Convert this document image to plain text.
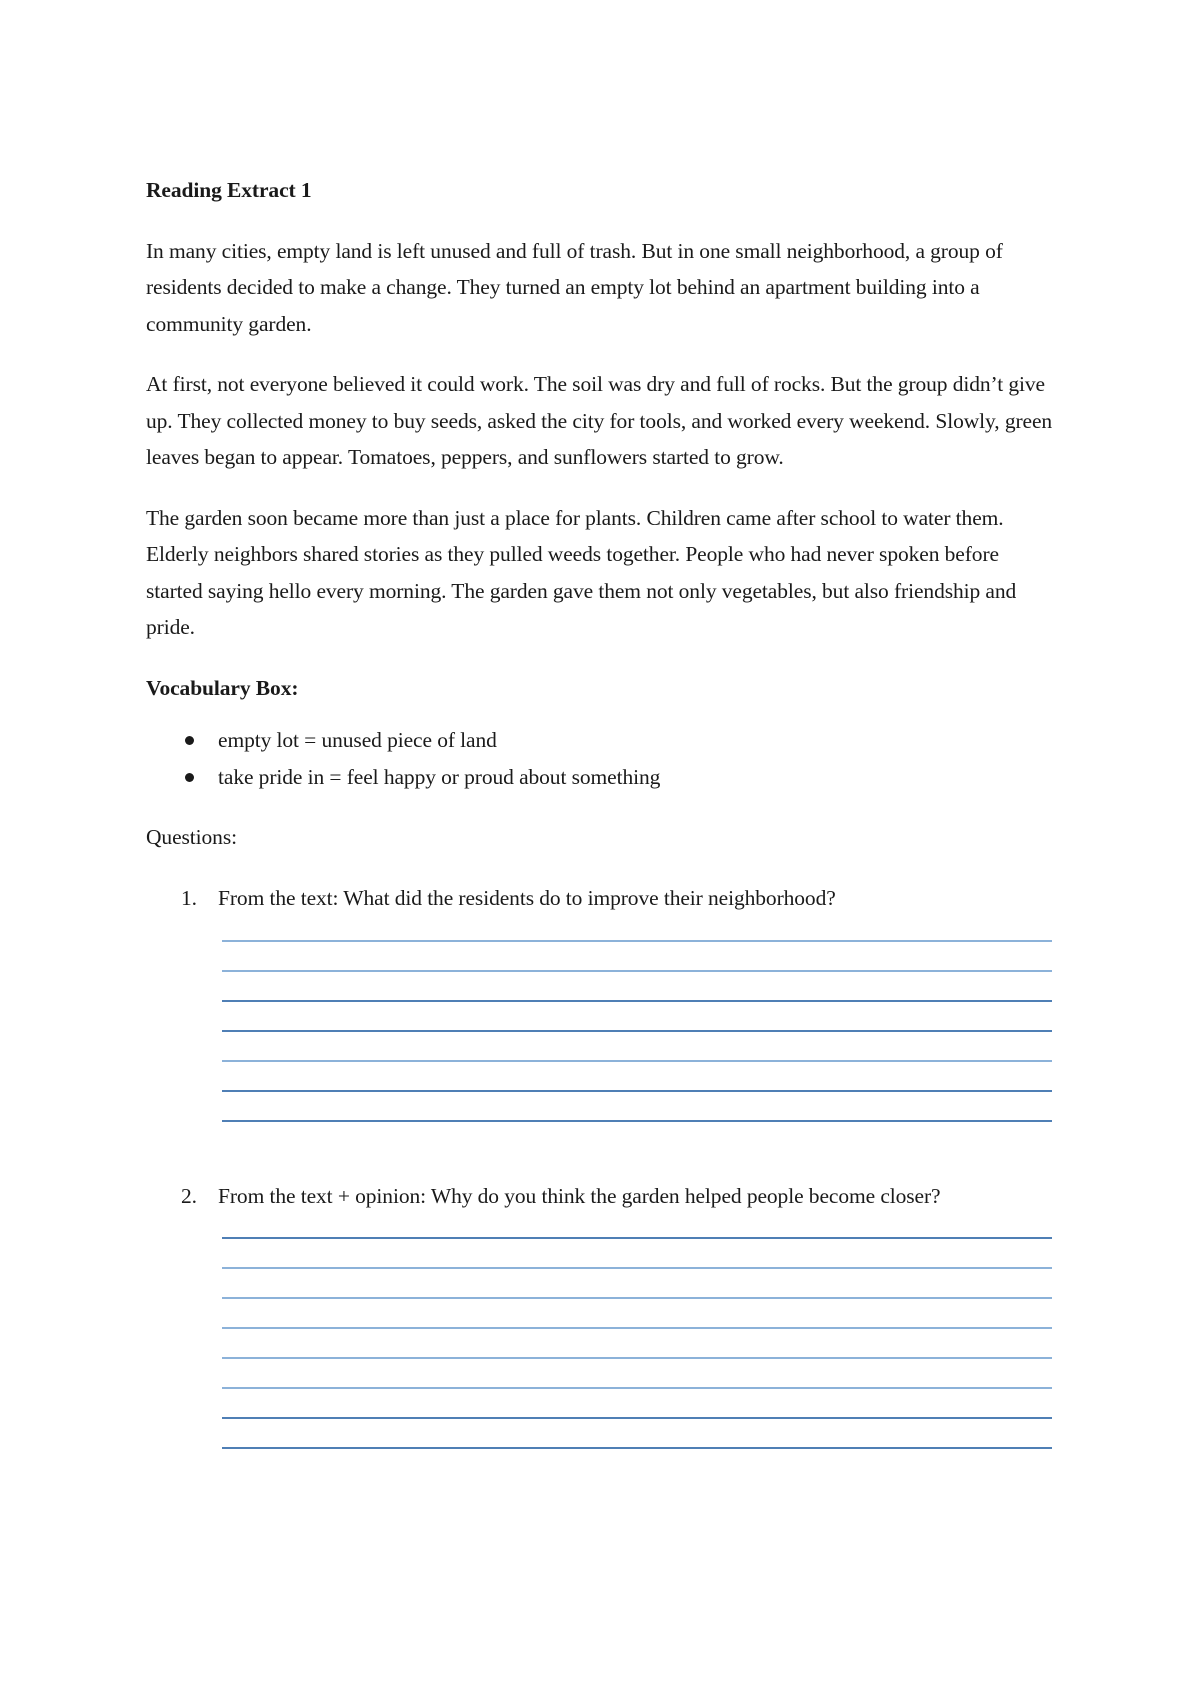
Reading Extract 1

In many cities, empty land is left unused and full of trash. But in one small neighborhood, a group of residents decided to make a change. They turned an empty lot behind an apartment building into a community garden.

At first, not everyone believed it could work. The soil was dry and full of rocks. But the group didn’t give up. They collected money to buy seeds, asked the city for tools, and worked every weekend. Slowly, green leaves began to appear. Tomatoes, peppers, and sunflowers started to grow.

The garden soon became more than just a place for plants. Children came after school to water them. Elderly neighbors shared stories as they pulled weeds together. People who had never spoken before started saying hello every morning. The garden gave them not only vegetables, but also friendship and pride.

Vocabulary Box:

empty lot = unused piece of land
take pride in = feel happy or proud about something

Questions:

1. From the text: What did the residents do to improve their neighborhood?

2. From the text + opinion: Why do you think the garden helped people become closer?
